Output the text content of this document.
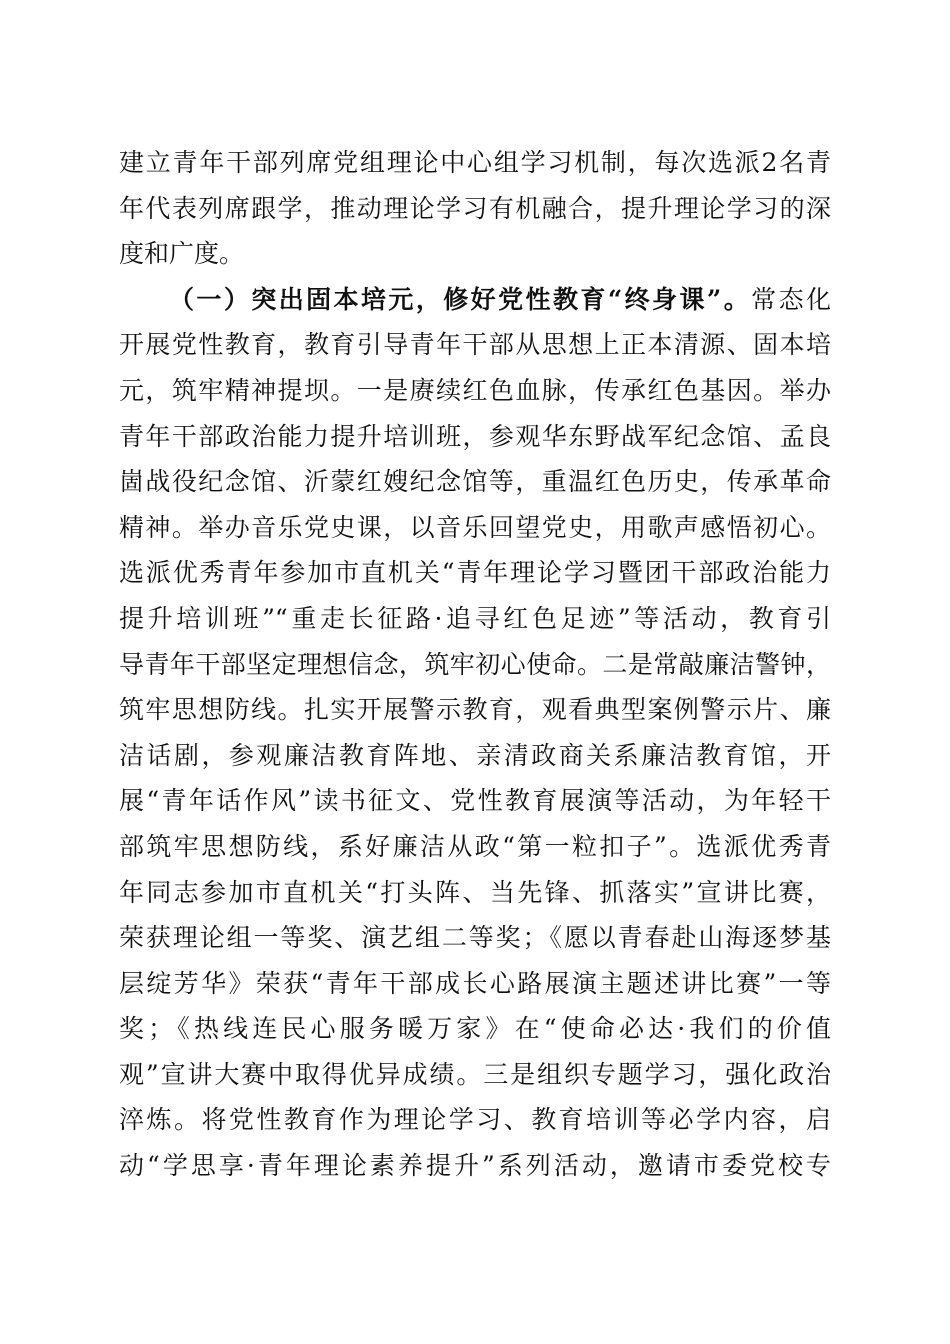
建立青年干部列席党组理论中心组学习机制，每次选派2名青
年代表列席跟学，推动理论学习有机融合，提升理论学习的深
度和广度。
（一）突出固本培元，修好党性教育“终身课”。常态化
开展党性教育，教育引导青年干部从思想上正本清源、固本培
元，筑牢精神提坝。一是赓续红色血脉，传承红色基因。举办
青年干部政治能力提升培训班，参观华东野战军纪念馆、孟良
崮战役纪念馆、沂蒙红嫂纪念馆等，重温红色历史，传承革命
精神。举办音乐党史课，以音乐回望党史，用歌声感悟初心。
选派优秀青年参加市直机关“青年理论学习暨团干部政治能力
提升培训班”“重走长征路·追寻红色足迹”等活动，教育引
导青年干部坚定理想信念，筑牢初心使命。二是常敲廉洁警钟，
筑牢思想防线。扎实开展警示教育，观看典型案例警示片、廉
洁话剧，参观廉洁教育阵地、亲清政商关系廉洁教育馆，开
展“青年话作风”读书征文、党性教育展演等活动，为年轻干
部筑牢思想防线，系好廉洁从政“第一粒扣子”。选派优秀青
年同志参加市直机关“打头阵、当先锋、抓落实”宣讲比赛，
荣获理论组一等奖、演艺组二等奖；《愿以青春赴山海逐梦基
层绽芳华》荣获“青年干部成长心路展演主题述讲比赛”一等
奖；《热线连民心服务暖万家》在“使命必达·我们的价值
观”宣讲大赛中取得优异成绩。三是组织专题学习，强化政治
淬炼。将党性教育作为理论学习、教育培训等必学内容，启
动“学思享·青年理论素养提升”系列活动，邀请市委党校专
